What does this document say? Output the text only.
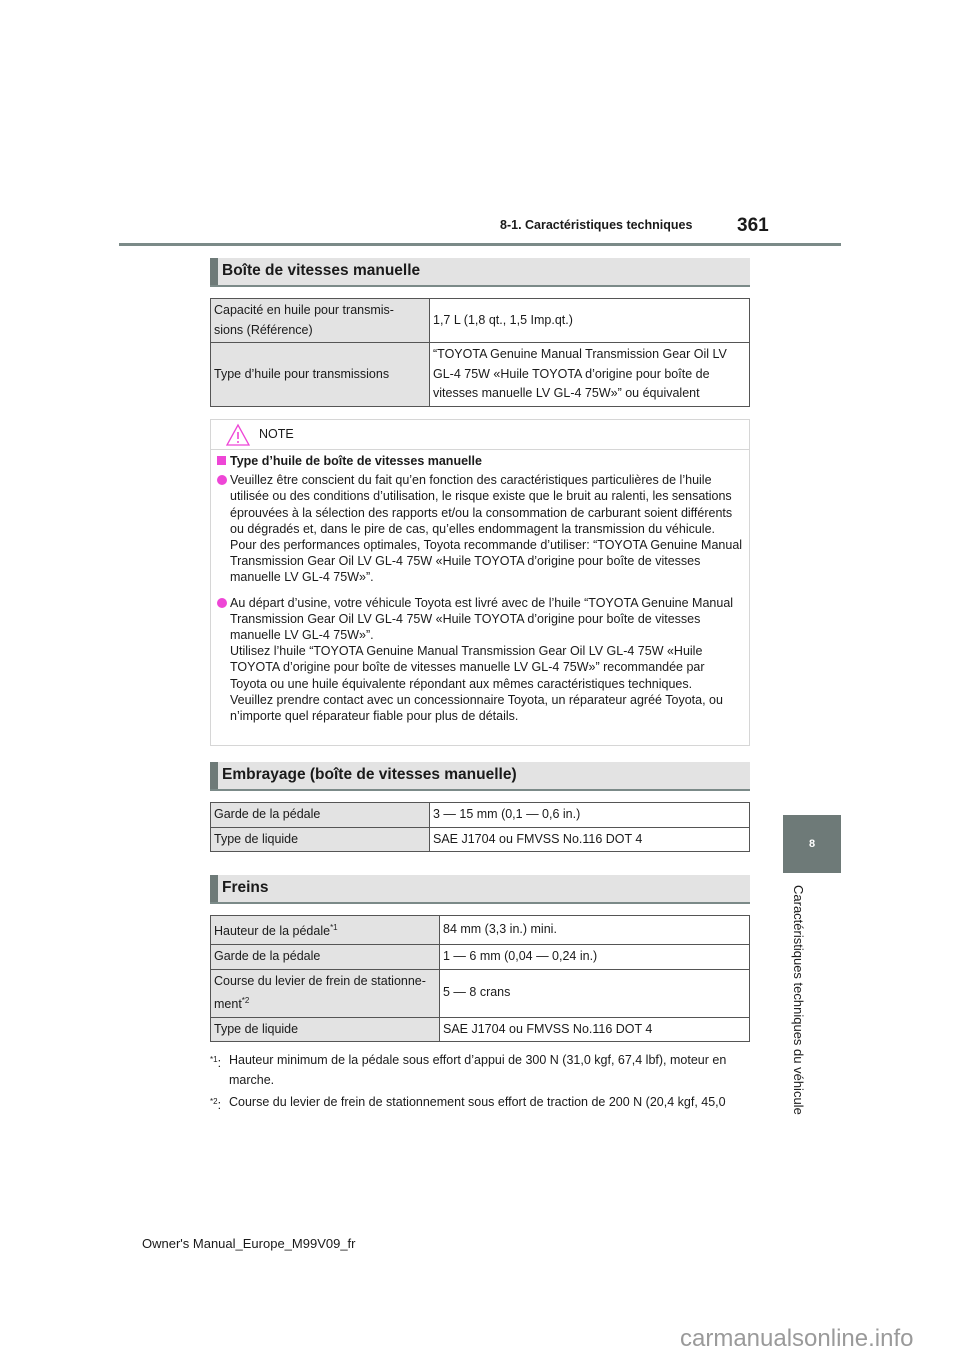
8-1. Caractéristiques techniques 361
Boîte de vitesses manuelle
Capacité en huile pour transmis-
sions (Référence)	1,7 L (1,8 qt., 1,5 Imp.qt.)
Type d’huile pour transmissions	“TOYOTA Genuine Manual Transmission Gear Oil LV
GL-4 75W «Huile TOYOTA d’origine pour boîte de
vitesses manuelle LV GL-4 75W»” ou équivalent
NOTE
Type d’huile de boîte de vitesses manuelle
Veuillez être conscient du fait qu’en fonction des caractéristiques particulières de l’huile utilisée ou des conditions d’utilisation, le risque existe que le bruit au ralenti, les sensations éprouvées à la sélection des rapports et/ou la consommation de carburant soient différents ou dégradés et, dans le pire de cas, qu’elles endommagent la transmission du véhicule.
Pour des performances optimales, Toyota recommande d’utiliser: “TOYOTA Genuine Manual Transmission Gear Oil LV GL-4 75W «Huile TOYOTA d’origine pour boîte de vitesses manuelle LV GL-4 75W»”.
Au départ d’usine, votre véhicule Toyota est livré avec de l’huile “TOYOTA Genuine Manual Transmission Gear Oil LV GL-4 75W «Huile TOYOTA d’origine pour boîte de vitesses manuelle LV GL-4 75W»”.
Utilisez l’huile “TOYOTA Genuine Manual Transmission Gear Oil LV GL-4 75W «Huile TOYOTA d’origine pour boîte de vitesses manuelle LV GL-4 75W»” recommandée par Toyota ou une huile équivalente répondant aux mêmes caractéristiques techniques.
Veuillez prendre contact avec un concessionnaire Toyota, un réparateur agréé Toyota, ou n’importe quel réparateur fiable pour plus de détails.
Embrayage (boîte de vitesses manuelle)
Garde de la pédale	3 — 15 mm (0,1 — 0,6 in.)
Type de liquide	SAE J1704 ou FMVSS No.116 DOT 4
Freins
Hauteur de la pédale$^{*1}$	84 mm (3,3 in.) mini.
Garde de la pédale	1 — 6 mm (0,04 — 0,24 in.)
Course du levier de frein de stationne-
ment$^{*2}$	5 — 8 crans
Type de liquide	SAE J1704 ou FMVSS No.116 DOT 4
$^{*1}$: Hauteur minimum de la pédale sous effort d’appui de 300 N (31,0 kgf, 67,4 lbf), moteur en marche.
$^{*2}$: Course du levier de frein de stationnement sous effort de traction de 200 N (20,4 kgf, 45,0
8
Caractéristiques techniques du véhicule
Owner's Manual_Europe_M99V09_fr
carmanualsonline.info
